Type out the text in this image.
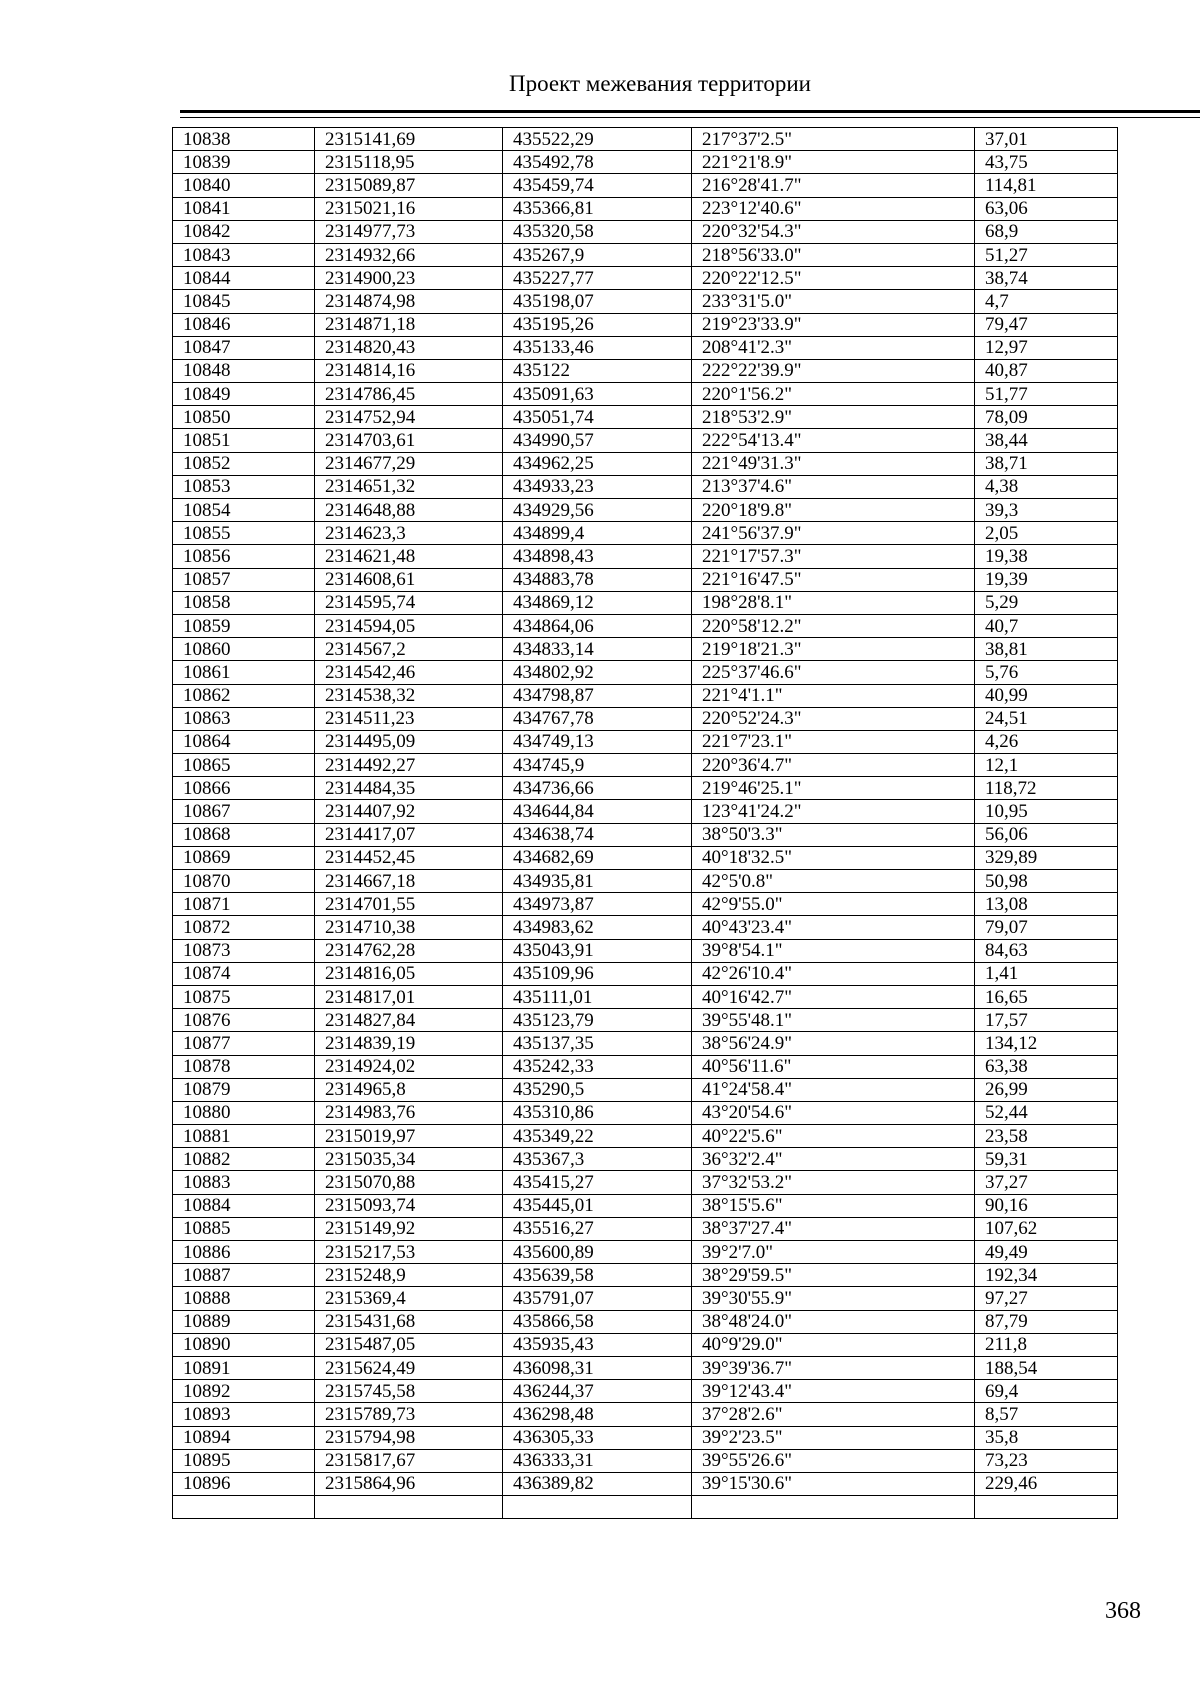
Проект межевания территории
10838	2315141,69	435522,29	217°37'2.5"	37,01
10839	2315118,95	435492,78	221°21'8.9"	43,75
10840	2315089,87	435459,74	216°28'41.7"	114,81
10841	2315021,16	435366,81	223°12'40.6"	63,06
10842	2314977,73	435320,58	220°32'54.3"	68,9
10843	2314932,66	435267,9	218°56'33.0"	51,27
10844	2314900,23	435227,77	220°22'12.5"	38,74
10845	2314874,98	435198,07	233°31'5.0"	4,7
10846	2314871,18	435195,26	219°23'33.9"	79,47
10847	2314820,43	435133,46	208°41'2.3"	12,97
10848	2314814,16	435122	222°22'39.9"	40,87
10849	2314786,45	435091,63	220°1'56.2"	51,77
10850	2314752,94	435051,74	218°53'2.9"	78,09
10851	2314703,61	434990,57	222°54'13.4"	38,44
10852	2314677,29	434962,25	221°49'31.3"	38,71
10853	2314651,32	434933,23	213°37'4.6"	4,38
10854	2314648,88	434929,56	220°18'9.8"	39,3
10855	2314623,3	434899,4	241°56'37.9"	2,05
10856	2314621,48	434898,43	221°17'57.3"	19,38
10857	2314608,61	434883,78	221°16'47.5"	19,39
10858	2314595,74	434869,12	198°28'8.1"	5,29
10859	2314594,05	434864,06	220°58'12.2"	40,7
10860	2314567,2	434833,14	219°18'21.3"	38,81
10861	2314542,46	434802,92	225°37'46.6"	5,76
10862	2314538,32	434798,87	221°4'1.1"	40,99
10863	2314511,23	434767,78	220°52'24.3"	24,51
10864	2314495,09	434749,13	221°7'23.1"	4,26
10865	2314492,27	434745,9	220°36'4.7"	12,1
10866	2314484,35	434736,66	219°46'25.1"	118,72
10867	2314407,92	434644,84	123°41'24.2"	10,95
10868	2314417,07	434638,74	38°50'3.3"	56,06
10869	2314452,45	434682,69	40°18'32.5"	329,89
10870	2314667,18	434935,81	42°5'0.8"	50,98
10871	2314701,55	434973,87	42°9'55.0"	13,08
10872	2314710,38	434983,62	40°43'23.4"	79,07
10873	2314762,28	435043,91	39°8'54.1"	84,63
10874	2314816,05	435109,96	42°26'10.4"	1,41
10875	2314817,01	435111,01	40°16'42.7"	16,65
10876	2314827,84	435123,79	39°55'48.1"	17,57
10877	2314839,19	435137,35	38°56'24.9"	134,12
10878	2314924,02	435242,33	40°56'11.6"	63,38
10879	2314965,8	435290,5	41°24'58.4"	26,99
10880	2314983,76	435310,86	43°20'54.6"	52,44
10881	2315019,97	435349,22	40°22'5.6"	23,58
10882	2315035,34	435367,3	36°32'2.4"	59,31
10883	2315070,88	435415,27	37°32'53.2"	37,27
10884	2315093,74	435445,01	38°15'5.6"	90,16
10885	2315149,92	435516,27	38°37'27.4"	107,62
10886	2315217,53	435600,89	39°2'7.0"	49,49
10887	2315248,9	435639,58	38°29'59.5"	192,34
10888	2315369,4	435791,07	39°30'55.9"	97,27
10889	2315431,68	435866,58	38°48'24.0"	87,79
10890	2315487,05	435935,43	40°9'29.0"	211,8
10891	2315624,49	436098,31	39°39'36.7"	188,54
10892	2315745,58	436244,37	39°12'43.4"	69,4
10893	2315789,73	436298,48	37°28'2.6"	8,57
10894	2315794,98	436305,33	39°2'23.5"	35,8
10895	2315817,67	436333,31	39°55'26.6"	73,23
10896	2315864,96	436389,82	39°15'30.6"	229,46

368
